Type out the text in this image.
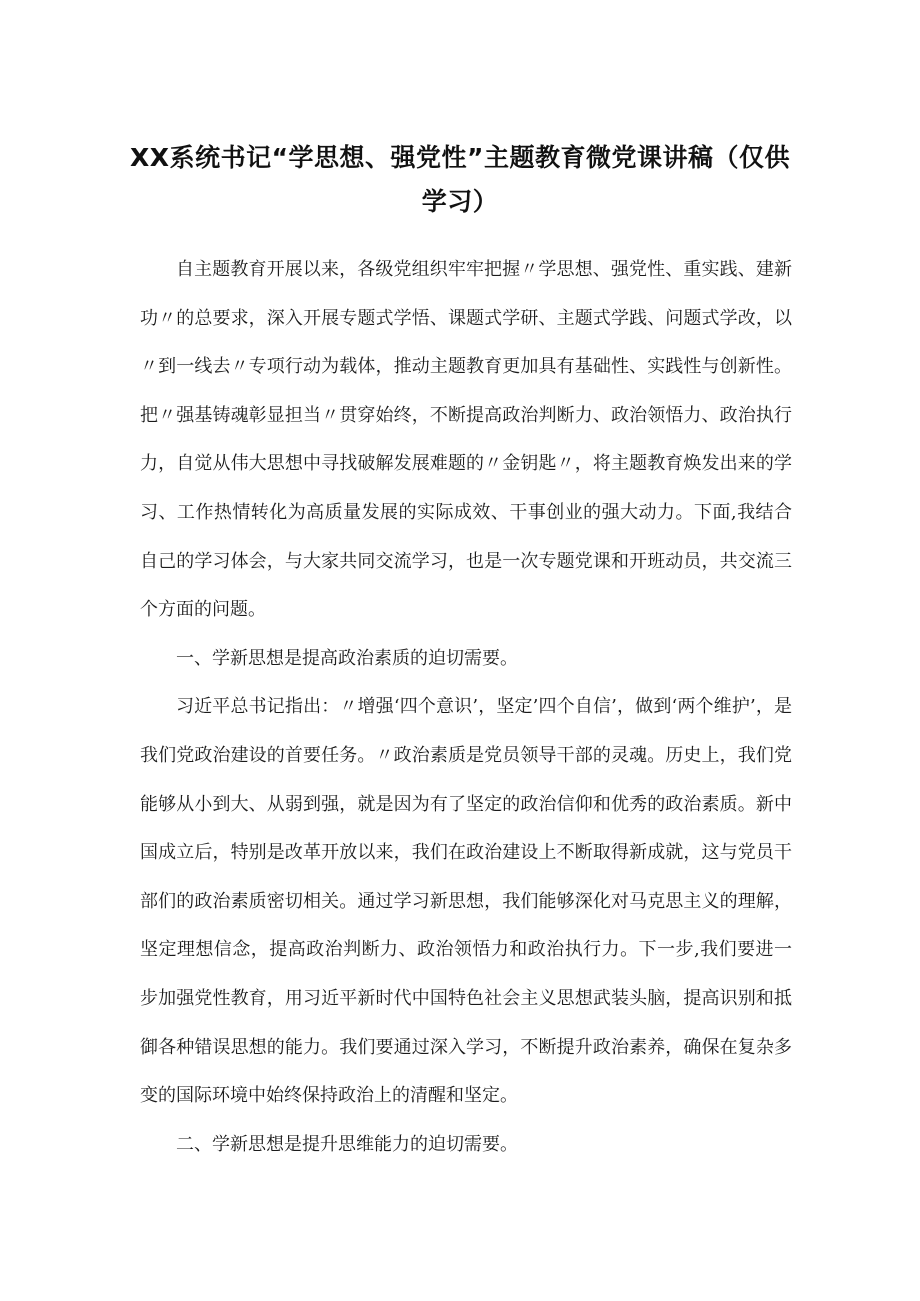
XX系统书记“学思想、强党性”主题教育微党课讲稿（仅供
学习）

自主题教育开展以来，各级党组织牢牢把握〃学思想、强党性、重实践、建新功〃的总要求，深入开展专题式学悟、课题式学研、主题式学践、问题式学改，以〃到一线去〃专项行动为载体，推动主题教育更加具有基础性、实践性与创新性。把〃强基铸魂彰显担当〃贯穿始终，不断提高政治判断力、政治领悟力、政治执行力，自觉从伟大思想中寻找破解发展难题的〃金钥匙〃，将主题教育焕发出来的学习、工作热情转化为高质量发展的实际成效、干事创业的强大动力。下面,我结合自己的学习体会，与大家共同交流学习，也是一次专题党课和开班动员，共交流三个方面的问题。

一、学新思想是提高政治素质的迫切需要。

习近平总书记指出：〃增强‘四个意识’，坚定’四个自信’，做到‘两个维护’，是我们党政治建设的首要任务。〃政治素质是党员领导干部的灵魂。历史上，我们党能够从小到大、从弱到强，就是因为有了坚定的政治信仰和优秀的政治素质。新中国成立后，特别是改革开放以来，我们在政治建设上不断取得新成就，这与党员干部们的政治素质密切相关。通过学习新思想，我们能够深化对马克思主义的理解，坚定理想信念，提高政治判断力、政治领悟力和政治执行力。下一步,我们要进一步加强党性教育，用习近平新时代中国特色社会主义思想武装头脑，提高识别和抵御各种错误思想的能力。我们要通过深入学习，不断提升政治素养，确保在复杂多变的国际环境中始终保持政治上的清醒和坚定。

二、学新思想是提升思维能力的迫切需要。
